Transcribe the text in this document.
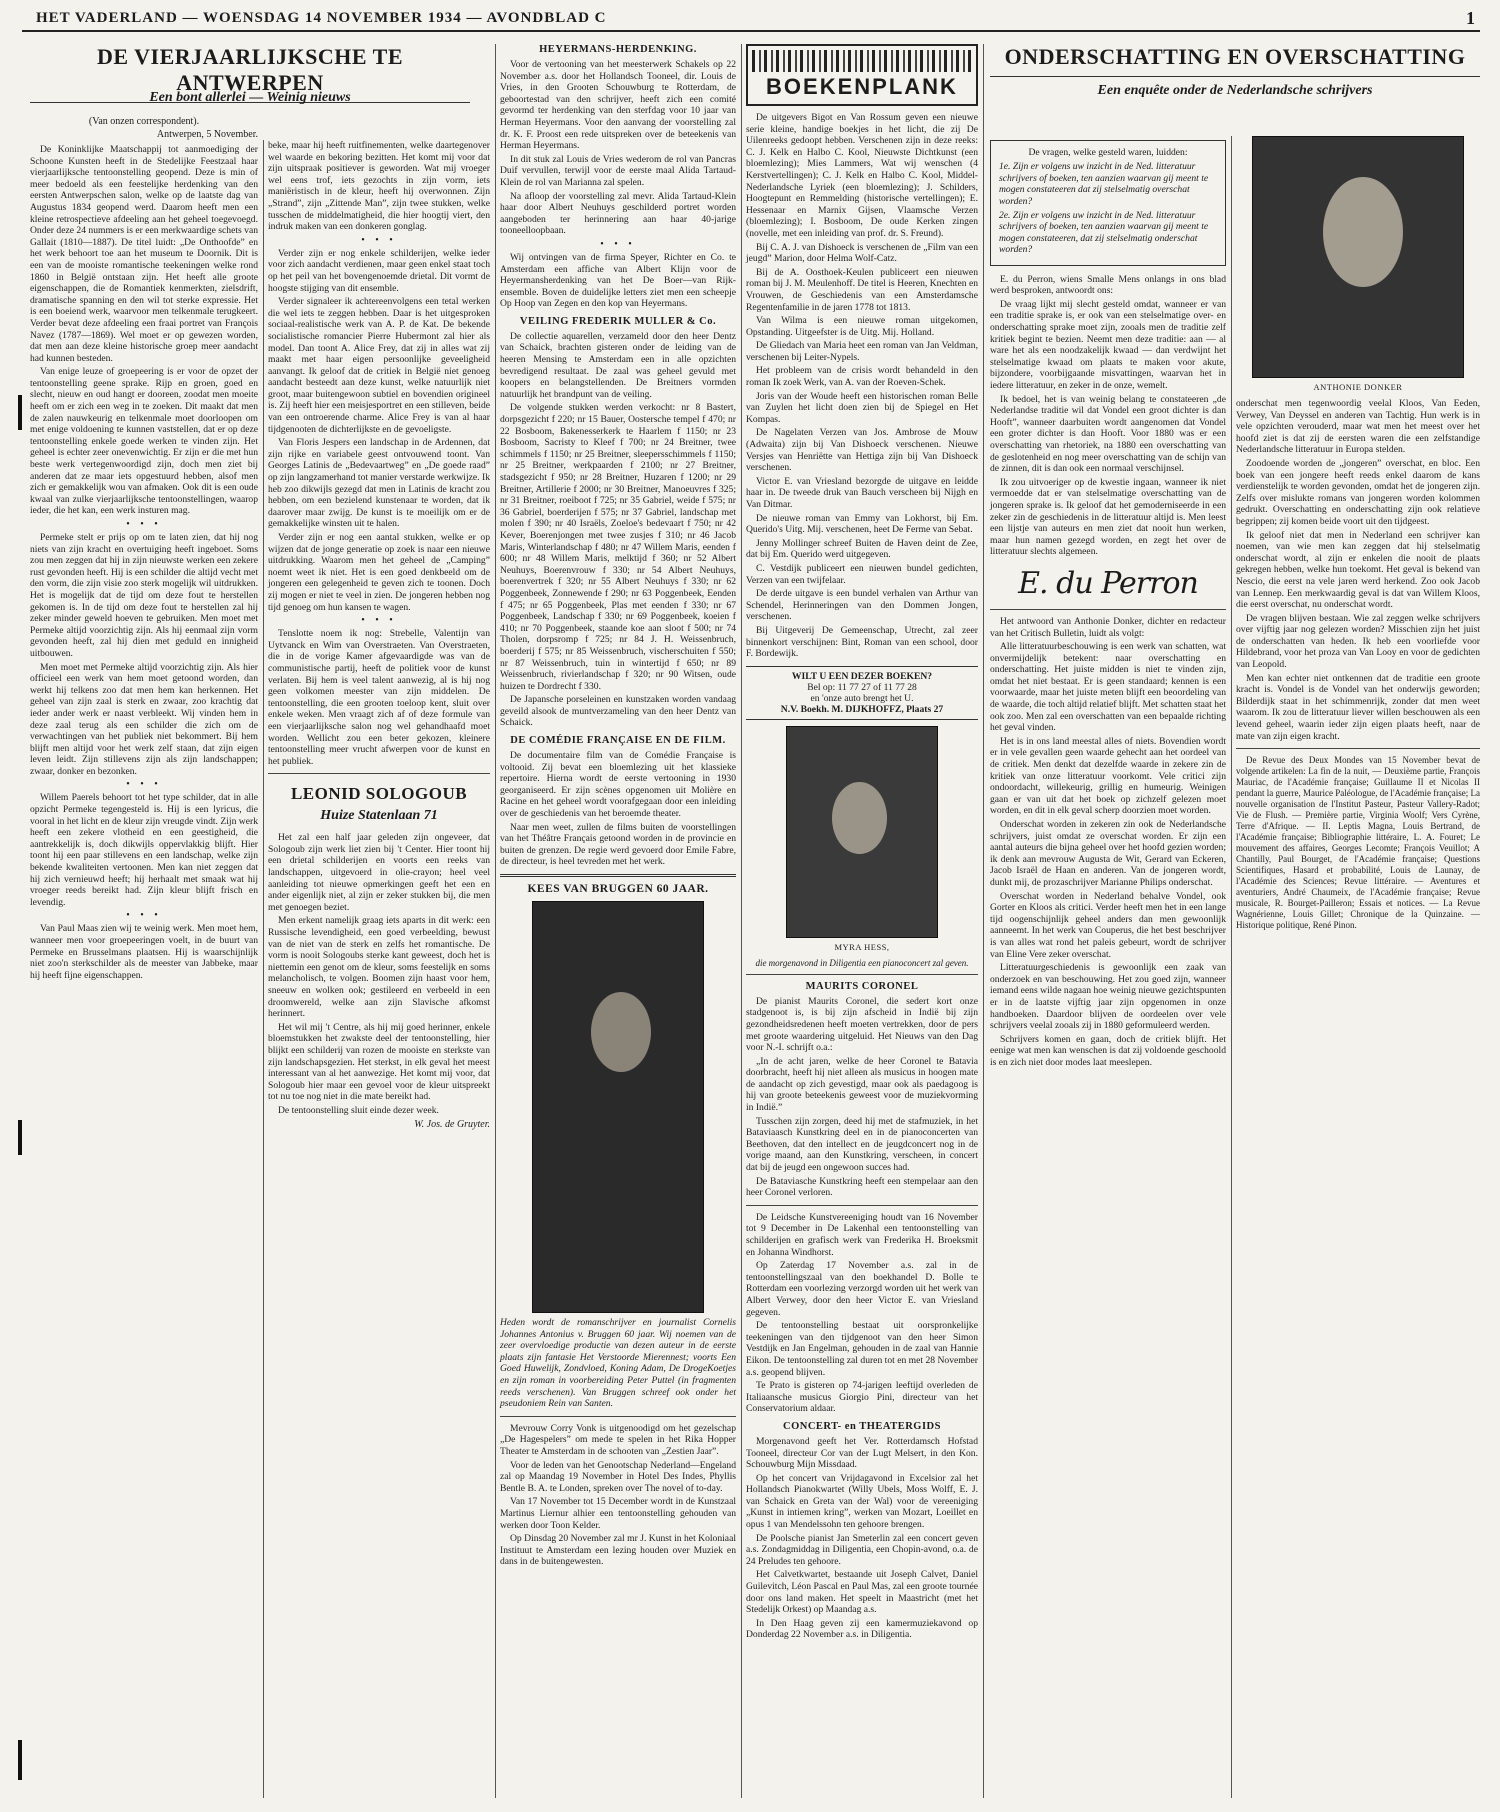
HET VADERLAND — WOENSDAG 14 NOVEMBER 1934 — AVONDBLAD C	1
DE VIERJAARLIJKSCHE TE ANTWERPEN
Een bont allerlei — Weinig nieuws
(Van onzen correspondent).
Antwerpen, 5 November.

De Koninklijke Maatschappij tot aanmoediging der Schoone Kunsten heeft in de Stedelijke Feestzaal haar vierjaarlijksche tentoonstelling geopend. Deze is min of meer bedoeld als een feestelijke herdenking van den eersten Antwerpschen salon, welke op de laatste dag van Augustus 1834 geopend werd. Daarom heeft men een kleine retrospectieve afdeeling aan het geheel toegevoegd. Onder deze 24 nummers is er een merkwaardige schets van Gallait (1810—1887). De titel luidt: „De Onthoofde” en het werk behoort toe aan het museum te Doornik. Dit is een van de mooiste romantische teekeningen welke rond 1860 in België ontstaan zijn. Het heeft alle groote eigenschappen, die de Romantiek kenmerkten, zielsdrift, dramatische spanning en den wil tot sterke expressie. Het is een boeiend werk, waarvoor men telkenmale terugkeert. Verder bevat deze afdeeling een fraai portret van François Navez (1787—1869). Wel moet er op gewezen worden, dat men aan deze kleine historische groep meer aandacht had kunnen besteden.

Van enige leuze of groepeering is er voor de opzet der tentoonstelling geene sprake. Rijp en groen, goed en slecht, nieuw en oud hangt er dooreen, zoodat men moeite heeft om er zich een weg in te zoeken. Dit maakt dat men de zalen nauwkeurig en telkenmale moet doorloopen om met enige voldoening te kunnen vaststellen, dat er op deze tentoonstelling enkele goede werken te vinden zijn. Het geheel is echter zeer onevenwichtig. Er zijn er die met hun beste werk vertegenwoordigd zijn, doch men ziet bij anderen dat ze maar iets opgestuurd hebben, alsof men zich er gemakkelijk wou van afmaken. Ook dit is een oude kwaal van zulke vierjaarlijksche tentoonstellingen, waarop ieder, die het kan, een werk insturen mag.

• • •

Permeke stelt er prijs op om te laten zien, dat hij nog niets van zijn kracht en overtuiging heeft ingeboet. Soms zou men zeggen dat hij in zijn nieuwste werken een zekere rust gevonden heeft. Hij is een schilder die altijd vecht met den vorm, die zijn visie zoo sterk mogelijk wil uitdrukken. Het is mogelijk dat de tijd om deze fout te herstellen gekomen is. In de tijd om deze fout te herstellen zal hij zeker minder geweld hoeven te gebruiken. Men moet met Permeke altijd voorzichtig zijn. Als hij eenmaal zijn vorm gevonden heeft, zal hij dien met geduld en innigheid uitbouwen.

Men moet met Permeke altijd voorzichtig zijn. Als hier officieel een werk van hem moet getoond worden, dan werkt hij telkens zoo dat men hem kan herkennen. Het geheel van zijn zaal is sterk en zwaar, zoo krachtig dat ieder ander werk er naast verbleekt. Wij vinden hem in deze zaal terug als een schilder die zich om de verwachtingen van het publiek niet bekommert. Bij hem blijft men altijd voor het werk zelf staan, dat zijn eigen leven leidt. Zijn stillevens zijn als zijn landschappen; zwaar, donker en bezonken.

• • •

Willem Paerels behoort tot het type schilder, dat in alle opzicht Permeke tegengesteld is. Hij is een lyricus, die vooral in het licht en de kleur zijn vreugde vindt. Zijn werk heeft een zekere vlotheid en een geestigheid, die aantrekkelijk is, doch dikwijls oppervlakkig blijft. Hier toont hij een paar stillevens en een landschap, welke zijn bekende kwaliteiten vertoonen. Men kan niet zeggen dat hij zich vernieuwd heeft; hij herhaalt met smaak wat hij vroeger reeds bereikt had. Zijn kleur blijft frisch en levendig.

• • •

Van Paul Maas zien wij te weinig werk. Men moet hem, wanneer men voor groepeeringen voelt, in de buurt van Permeke en Brusselmans plaatsen. Hij is waarschijnlijk niet zoo'n sterkschilder als de meester van Jabbeke, maar hij heeft fijne eigenschappen.

beke, maar hij heeft ruitfinementen, welke daartegenover wel waarde en bekoring bezitten. Het komt mij voor dat zijn uitspraak positiever is geworden. Wat mij vroeger wel eens trof, iets gezochts in zijn vorm, iets maniëristisch in de kleur, heeft hij overwonnen. Zijn „Strand”, zijn „Zittende Man”, zijn twee stukken, welke tusschen de middelmatigheid, die hier hoogtij viert, den indruk maken van een donkeren gonglag.

• • •

Verder zijn er nog enkele schilderijen, welke ieder voor zich aandacht verdienen, maar geen enkel staat toch op het peil van het bovengenoemde drietal. Dit vormt de hoogste stijging van dit ensemble.

Verder signaleer ik achtereenvolgens een tetal werken die wel iets te zeggen hebben. Daar is het uitgesproken sociaal-realistische werk van A. P. de Kat. De bekende socialistische romancier Pierre Hubermont zal hier als model. Dan toont A. Alice Frey, dat zij in alles wat zij maakt met haar eigen persoonlijke geveeligheid aanvangt. Ik geloof dat de critiek in België niet genoeg aandacht besteedt aan deze kunst, welke natuurlijk niet groot, maar buitengewoon subtiel en bovendien origineel is. Zij heeft hier een meisjesportret en een stilleven, beide van een ontroerende charme. Alice Frey is van al haar tijdgenooten de dichterlijkste en de gevoeligste.

Van Floris Jespers een landschap in de Ardennen, dat zijn rijke en variabele geest ontvouwend toont. Van Georges Latinis de „Bedevaartweg” en „De goede raad” op zijn langzamerhand tot manier verstarde werkwijze. Ik heb zoo dikwijls gezegd dat men in Latinis de kracht zou hebben, om een bezielend kunstenaar te worden, dat ik daarover maar zwijg. De kunst is te moeilijk om er de gemakkelijke winsten uit te halen.

Verder zijn er nog een aantal stukken, welke er op wijzen dat de jonge generatie op zoek is naar een nieuwe uitdrukking. Waarom men het geheel de „Camping” noemt weet ik niet. Het is een goed denkbeeld om de jongeren een gelegenheid te geven zich te toonen. Doch zij mogen er niet te veel in zien. De jongeren hebben nog tijd genoeg om hun kansen te wagen.

• • •

Tenslotte noem ik nog: Strebelle, Valentijn van Uytvanck en Wim van Overstraeten. Van Overstraeten, die in de vorige Kamer afgevaardigde was van de communistische partij, heeft de politiek voor de kunst verlaten. Bij hem is veel talent aanwezig, al is hij nog geen volkomen meester van zijn middelen. De tentoonstelling, die een grooten toeloop kent, sluit over enkele weken. Men vraagt zich af of deze formule van een vierjaarlijksche salon nog wel gehandhaafd moet worden. Wellicht zou een beter gekozen, kleinere tentoonstelling meer vrucht afwerpen voor de kunst en het publiek.

LEONID SOLOGOUB
Huize Statenlaan 71

Het zal een half jaar geleden zijn ongeveer, dat Sologoub zijn werk liet zien bij 't Center. Hier toont hij een drietal schilderijen en voorts een reeks van landschappen, uitgevoerd in olie-crayon; heel veel aanleiding tot nieuwe opmerkingen geeft het een en ander eigenlijk niet, al zijn er zeker stukken bij, die men met genoegen beziet.

Men erkent namelijk graag iets aparts in dit werk: een Russische levendigheid, een goed verbeelding, bewust van de niet van de sterk en zelfs het romantische. De vorm is nooit Sologoubs sterke kant geweest, doch het is niettemin een genot om de kleur, soms feestelijk en soms melancholisch, te volgen. Boomen zijn haast voor hem, sneeuw en wolken ook; gestileerd en verbeeld in een droomwereld, welke aan zijn Slavische afkomst herinnert.

Het wil mij 't Centre, als hij mij goed herinner, enkele bloemstukken het zwakste deel der tentoonstelling, hier blijkt een schilderij van rozen de mooiste en sterkste van zijn landschapsgezien. Het sterkst, in elk geval het meest interessant van al het aanwezige. Het komt mij voor, dat Sologoub hier maar een gevoel voor de kleur uitspreekt tot nu toe nog niet in die mate bereikt had.

De tentoonstelling sluit einde dezer week.

W. Jos. de Gruyter.
HEYERMANS-HERDENKING.

Voor de vertooning van het meesterwerk Schakels op 22 November a.s. door het Hollandsch Tooneel, dir. Louis de Vries, in den Grooten Schouwburg te Rotterdam, de geboortestad van den schrijver, heeft zich een comité gevormd ter herdenking van den sterfdag voor 10 jaar van Herman Heyermans. Voor den aanvang der voorstelling zal dr. K. F. Proost een rede uitspreken over de beteekenis van Herman Heyermans.

In dit stuk zal Louis de Vries wederom de rol van Pancras Duif vervullen, terwijl voor de eerste maal Alida Tartaud-Klein de rol van Marianna zal spelen.

Na afloop der voorstelling zal mevr. Alida Tartaud-Klein haar door Albert Neuhuys geschilderd portret worden aangeboden ter herinnering aan haar 40-jarige tooneelloopbaan.

• • •

Wij ontvingen van de firma Speyer, Richter en Co. te Amsterdam een affiche van Albert Klijn voor de Heyermansherdenking van het De Boer—van Rijk-ensemble. Boven de duidelijke letters ziet men een scheepje Op Hoop van Zegen en den kop van Heyermans.

VEILING FREDERIK MULLER & Co.

De collectie aquarellen, verzameld door den heer Dentz van Schaick, brachten gisteren onder de leiding van de heeren Mensing te Amsterdam een in alle opzichten bevredigend resultaat. De zaal was geheel gevuld met koopers en belangstellenden. De Breitners vormden natuurlijk het brandpunt van de veiling.

De volgende stukken werden verkocht: nr 8 Bastert, dorpsgezicht f 220; nr 15 Bauer, Oostersche tempel f 470; nr 22 Bosboom, Bakenesserkerk te Haarlem f 1150; nr 23 Bosboom, Sacristy to Kleef f 700; nr 24 Breitner, twee schimmels f 1150; nr 25 Breitner, sleepersschimmels f 1150; nr 25 Breitner, werkpaarden f 2100; nr 27 Breitner, stadsgezicht f 950; nr 28 Breitner, Huzaren f 1200; nr 29 Breitner, Artillerie f 2000; nr 30 Breitner, Manoeuvres f 325; nr 31 Breitner, roeiboot f 725; nr 35 Gabriel, weide f 575; nr 36 Gabriel, boerderijen f 575; nr 37 Gabriel, landschap met molen f 390; nr 40 Israëls, Zoeloe's bedevaart f 750; nr 42 Kever, Boerenjongen met twee zusjes f 310; nr 46 Jacob Maris, Winterlandschap f 480; nr 47 Willem Maris, eenden f 600; nr 48 Willem Maris, melktijd f 360; nr 52 Albert Neuhuys, Boerenvrouw f 330; nr 54 Albert Neuhuys, boerenvertrek f 320; nr 55 Albert Neuhuys f 330; nr 62 Poggenbeek, Zonnewende f 290; nr 63 Poggenbeek, Eenden f 475; nr 65 Poggenbeek, Plas met eenden f 330; nr 67 Poggenbeek, Landschap f 330; nr 69 Poggenbeek, koeien f 410; nr 70 Poggenbeek, staande koe aan sloot f 500; nr 74 Tholen, dorpsromp f 725; nr 84 J. H. Weissenbruch, boerderij f 575; nr 85 Weissenbruch, vischerschuiten f 550; nr 87 Weissenbruch, tuin in wintertijd f 650; nr 89 Weissenbruch, rivierlandschap f 320; nr 90 Witsen, oude huizen te Dordrecht f 330.

De Japansche porseleinen en kunstzaken worden vandaag geveild alsook de muntverzameling van den heer Dentz van Schaick.

DE COMÉDIE FRANÇAISE EN DE FILM.

De documentaire film van de Comédie Française is voltooid. Zij bevat een bloemlezing uit het klassieke repertoire. Hierna wordt de eerste vertooning in 1930 georganiseerd. Er zijn scènes opgenomen uit Molière en Racine en het geheel wordt voorafgegaan door een inleiding over de geschiedenis van het beroemde theater.

Naar men weet, zullen de films buiten de voorstellingen van het Théâtre Français getoond worden in de provincie en buiten de grenzen. De regie werd gevoerd door Emile Fabre, de directeur, is heel tevreden met het werk.

KEES VAN BRUGGEN 60 JAAR.

Heden wordt de romanschrijver en journalist Cornelis Johannes Antonius v. Bruggen 60 jaar. Wij noemen van de zeer overvloedige productie van dezen auteur in de eerste plaats zijn fantasie Het Verstoorde Mierennest; voorts Een Goed Huwelijk, Zondvloed, Koning Adam, De DrogeKoetjes en zijn roman in voorbereiding Peter Puttel (in fragmenten reeds verschenen). Van Bruggen schreef ook onder het pseudoniem Rein van Santen.

Mevrouw Corry Vonk is uitgenoodigd om het gezelschap „De Hagespelers” om mede te spelen in het Rika Hopper Theater te Amsterdam in de schooten van „Zestien Jaar”.

Voor de leden van het Genootschap Nederland—Engeland zal op Maandag 19 November in Hotel Des Indes, Phyllis Bentle B. A. te Londen, spreken over The novel of to-day.

Van 17 November tot 15 December wordt in de Kunstzaal Martinus Liernur alhier een tentoonstelling gehouden van werken door Toon Kelder.

Op Dinsdag 20 November zal mr J. Kunst in het Koloniaal Instituut te Amsterdam een lezing houden over Muziek en dans in de buitengewesten.

BOEKENPLANK

De uitgevers Bigot en Van Rossum geven een nieuwe serie kleine, handige boekjes in het licht, die zij De Uilenreeks gedoopt hebben. Verschenen zijn in deze reeks: C. J. Kelk en Halbo C. Kool, Nieuwste Dichtkunst (een bloemlezing); Mies Lammers, Wat wij wenschen (4 Kerstvertellingen); C. J. Kelk en Halbo C. Kool, Middel-Nederlandsche Lyriek (een bloemlezing); J. Schilders, Hoogtepunt en Remmelding (historische vertellingen); E. Hessenaar en Marnix Gijsen, Vlaamsche Verzen (bloemlezing); I. Bosboom, De oude Kerken zingen (novelle, met een inleiding van prof. dr. S. Freund).

Bij C. A. J. van Dishoeck is verschenen de „Film van een jeugd” Marion, door Helma Wolf-Catz.

Bij de A. Oosthoek-Keulen publiceert een nieuwen roman bij J. M. Meulenhoff. De titel is Heeren, Knechten en Vrouwen, de Geschiedenis van een Amsterdamsche Regentenfamilie in de jaren 1778 tot 1813.

Van Wilma is een nieuwe roman uitgekomen, Opstanding. Uitgeefster is de Uitg. Mij. Holland.

De Gliedach van Maria heet een roman van Jan Veldman, verschenen bij Leiter-Nypels.

Het probleem van de crisis wordt behandeld in den roman Ik zoek Werk, van A. van der Roeven-Schek.

Joris van der Woude heeft een historischen roman Belle van Zuylen het licht doen zien bij de Spiegel en Het Kompas.

De Nagelaten Verzen van Jos. Ambrose de Mouw (Adwaita) zijn bij Van Dishoeck verschenen. Nieuwe Versjes van Henriëtte van Hettiga zijn bij Van Dishoeck verschenen.

Victor E. van Vriesland bezorgde de uitgave en leidde haar in. De tweede druk van Bauch verscheen bij Nijgh en Van Ditmar.

De nieuwe roman van Emmy van Lokhorst, bij Em. Querido's Uitg. Mij. verschenen, heet De Ferme van Sebat.

Jenny Mollinger schreef Buiten de Haven deint de Zee, dat bij Em. Querido werd uitgegeven.

C. Vestdijk publiceert een nieuwen bundel gedichten, Verzen van een twijfelaar.

De derde uitgave is een bundel verhalen van Arthur van Schendel, Herinneringen van den Dommen Jongen, verschenen.

Bij Uitgeverij De Gemeenschap, Utrecht, zal zeer binnenkort verschijnen: Bint, Roman van een school, door F. Bordewijk.

WILT U EEN DEZER BOEKEN?
Bel op: 11 77 27 of 11 77 28
en 'onze auto brengt het U.
N.V. Boekh. M. DIJKHOFFZ, Plaats 27
MYRA HESS,
die morgenavond in Diligentia een pianoconcert zal geven.
MAURITS CORONEL

De pianist Maurits Coronel, die sedert kort onze stadgenoot is, is bij zijn afscheid in Indië bij zijn gezondheidsredenen heeft moeten vertrekken, door de pers met groote waardering uitgeluid. Het Nieuws van den Dag voor N.-I. schrijft o.a.:

„In de acht jaren, welke de heer Coronel te Batavia doorbracht, heeft hij niet alleen als musicus in hoogen mate de aandacht op zich gevestigd, maar ook als paedagoog is hij van groote beteekenis geweest voor de muziekvorming in Indië.”

Tusschen zijn zorgen, deed hij met de stafmuziek, in het Bataviaasch Kunstkring deel en in de pianoconcerten van Beethoven, dat den intellect en de jeugdconcert nog in de vorige maand, aan den Kunstkring, verscheen, in concert dat bij de jeugd een ongewoon succes had.

De Bataviasche Kunstkring heeft een stempelaar aan den heer Coronel verloren.

De Leidsche Kunstvereeniging houdt van 16 November tot 9 December in De Lakenhal een tentoonstelling van schilderijen en grafisch werk van Frederika H. Broeksmit en Johanna Windhorst.

Op Zaterdag 17 November a.s. zal in de tentoonstellingszaal van den boekhandel D. Bolle te Rotterdam een voorlezing verzorgd worden uit het werk van Albert Verwey, door den heer Victor E. van Vriesland gegeven.

De tentoonstelling bestaat uit oorspronkelijke teekeningen van den tijdgenoot van den heer Simon Vestdijk en Jan Engelman, gehouden in de zaal van Hannie Eikon. De tentoonstelling zal duren tot en met 28 November a.s. geopend blijven.

Te Prato is gisteren op 74-jarigen leeftijd overleden de Italiaansche musicus Giorgio Pini, directeur van het Conservatorium aldaar.

CONCERT- en THEATERGIDS

Morgenavond geeft het Ver. Rotterdamsch Hofstad Tooneel, directeur Cor van der Lugt Melsert, in den Kon. Schouwburg Mijn Missdaad.

Op het concert van Vrijdagavond in Excelsior zal het Hollandsch Pianokwartet (Willy Ubels, Moss Wolff, E. J. van Schaick en Greta van der Wal) voor de vereeniging „Kunst in intiemen kring”, werken van Mozart, Loeillet en opus 1 van Mendelssohn ten gehoore brengen.

De Poolsche pianist Jan Smeterlin zal een concert geven a.s. Zondagmiddag in Diligentia, een Chopin-avond, o.a. de 24 Preludes ten gehoore.

Het Calvetkwartet, bestaande uit Joseph Calvet, Daniel Guilevitch, Léon Pascal en Paul Mas, zal een groote tournée door ons land maken. Het speelt in Maastricht (met het Stedelijk Orkest) op Maandag a.s.

In Den Haag geven zij een kamermuziekavond op Donderdag 22 November a.s. in Diligentia.

ONDERSCHATTING EN OVERSCHATTING
Een enquête onder de Nederlandsche schrijvers
De vragen, welke gesteld waren, luidden:
1e. Zijn er volgens uw inzicht in de Ned. litteratuur schrijvers of boeken, ten aanzien waarvan gij meent te mogen constateeren dat zij stelselmatig overschat worden?
2e. Zijn er volgens uw inzicht in de Ned. litteratuur schrijvers of boeken, ten aanzien waarvan gij meent te mogen constateeren, dat zij stelselmatig onderschat worden?

E. du Perron, wiens Smalle Mens onlangs in ons blad werd besproken, antwoordt ons:

De vraag lijkt mij slecht gesteld omdat, wanneer er van een traditie sprake is, er ook van een stelselmatige over- en onderschatting sprake moet zijn, zooals men de traditie zelf kritiek begint te bezien. Neemt men deze traditie: aan — al ware het als een noodzakelijk kwaad — dan verdwijnt het stelselmatige kwaad om plaats te maken voor akute, bijzondere, voorbijgaande misvattingen, waarvan het in iedere litteratuur, en zeker in de onze, wemelt.

Ik bedoel, het is van weinig belang te constateeren „de Nederlandse traditie wil dat Vondel een groot dichter is dan Hooft”, wanneer daarbuiten wordt aangenomen dat Vondel een groter dichter is dan Hooft. Voor 1880 was er een overschatting van rhetoriek, na 1880 een overschatting van de geslotenheid en nog meer overschatting van de schijn van de zinnen, dit is dan ook een normaal verschijnsel.

Ik zou uitvoeriger op de kwestie ingaan, wanneer ik niet vermoedde dat er van stelselmatige overschatting van de jongeren sprake is. Ik geloof dat het gemoderniseerde in een zeker zin de geschiedenis in de litteratuur altijd is. Men leest een lijstje van auteurs en men ziet dat nooit hun werken, maar hun namen gezegd worden, en zegt het over de litteratuur slechts algemeen.

E. du Perron

Het antwoord van Anthonie Donker, dichter en redacteur van het Critisch Bulletin, luidt als volgt:

Alle litteratuurbeschouwing is een werk van schatten, wat onvermijdelijk betekent: naar overschatting en onderschatting. Het juiste midden is niet te vinden zijn, omdat het niet bestaat. Er is geen standaard; kennen is een voorwaarde, maar het juiste meten blijft een beoordeling van de waarde, die toch altijd relatief blijft. Met schatten staat het ook zoo. Men zal een overschatten van een bepaalde richting het geval vinden.

Het is in ons land meestal alles of niets. Bovendien wordt er in vele gevallen geen waarde gehecht aan het oordeel van de critiek. Men denkt dat dezelfde waarde in zekere zin de kritiek van onze litteratuur voorkomt. Vele critici zijn ondoordacht, willekeurig, grillig en humeurig. Weinigen gaan er van uit dat het boek op zichzelf gelezen moet worden, en dit in elk geval scherp doorzien moet worden.

Onderschat worden in zekeren zin ook de Nederlandsche schrijvers, juist omdat ze overschat worden. Er zijn een aantal auteurs die bijna geheel over het hoofd gezien worden; ik denk aan mevrouw Augusta de Wit, Gerard van Eckeren, Jacob Israël de Haan en anderen. Van de jongeren wordt, dunkt mij, de prozaschrijver Marianne Philips onderschat.

Overschat worden in Nederland behalve Vondel, ook Gorter en Kloos als critici. Verder heeft men het in een lange tijd oogenschijnlijk geheel anders dan men gewoonlijk aanneemt. In het werk van Couperus, die het best beschrijver is van alles wat rond het paleis gebeurt, wordt de schrijver van Eline Vere zeker overschat.

Litteratuurgeschiedenis is gewoonlijk een zaak van onderzoek en van beschouwing. Het zou goed zijn, wanneer iemand eens wilde nagaan hoe weinig nieuwe gezichtspunten er in de laatste vijftig jaar zijn opgenomen in onze handboeken. Daardoor blijven de oordeelen over vele schrijvers veelal zooals zij in 1880 geformuleerd werden.

Schrijvers komen en gaan, doch de critiek blijft. Het eenige wat men kan wenschen is dat zij voldoende geschoold is en zich niet door modes laat meeslepen.

ANTHONIE DONKER

onderschat men tegenwoordig veelal Kloos, Van Eeden, Verwey, Van Deyssel en anderen van Tachtig. Hun werk is in vele opzichten verouderd, maar wat men het meest over het hoofd ziet is dat zij de eersten waren die een zelfstandige Nederlandsche litteratuur in Europa stelden.

Zoodoende worden de „jongeren” overschat, en bloc. Een boek van een jongere heeft reeds enkel daarom de kans verdienstelijk te worden gevonden, omdat het de jongeren zijn. Zelfs over mislukte romans van jongeren worden kolommen gedrukt. Overschatting en onderschatting zijn ook relatieve begrippen; zij komen beide voort uit den tijdgeest.

Ik geloof niet dat men in Nederland een schrijver kan noemen, van wie men kan zeggen dat hij stelselmatig onderschat wordt, al zijn er enkelen die nooit de plaats gekregen hebben, welke hun toekomt. Het geval is bekend van Nescio, die eerst na vele jaren werd herkend. Zoo ook Jacob van Lennep. Een merkwaardig geval is dat van Willem Kloos, die eerst overschat, nu onderschat wordt.

De vragen blijven bestaan. Wie zal zeggen welke schrijvers over vijftig jaar nog gelezen worden? Misschien zijn het juist de onderschatten van heden. Ik heb een voorliefde voor Hildebrand, voor het proza van Van Looy en voor de gedichten van Leopold.

Men kan echter niet ontkennen dat de traditie een groote kracht is. Vondel is de Vondel van het onderwijs geworden; Bilderdijk staat in het schimmenrijk, zonder dat men weet waarom. Ik zou de litteratuur liever willen beschouwen als een levend geheel, waarin ieder zijn eigen plaats heeft, naar de mate van zijn eigen kracht.

De Revue des Deux Mondes van 15 November bevat de volgende artikelen: La fin de la nuit, — Deuxième partie, François Mauriac, de l'Académie française; Guillaume II et Nicolas II pendant la guerre, Maurice Paléologue, de l'Académie française; La nouvelle organisation de l'Institut Pasteur, Pasteur Vallery-Radot; Vie de Flush. — Première partie, Virginia Woolf; Vers Cyrène, Terre d'Afrique. — II. Leptis Magna, Louis Bertrand, de l'Académie française; Bibliographie littéraire, L. A. Fouret; Le mouvement des affaires, Georges Lecomte; François Veuillot; A Chantilly, Paul Bourget, de l'Académie française; Questions Scientifiques, Hasard et probabilité, Louis de Launay, de l'Académie des Sciences; Revue littéraire. — Aventures et aventuriers, André Chaumeix, de l'Académie française; Revue musicale, R. Bourget-Pailleron; Essais et notices. — La Revue Wagnérienne, Louis Gillet; Chronique de la Quinzaine. — Historique politique, René Pinon.
